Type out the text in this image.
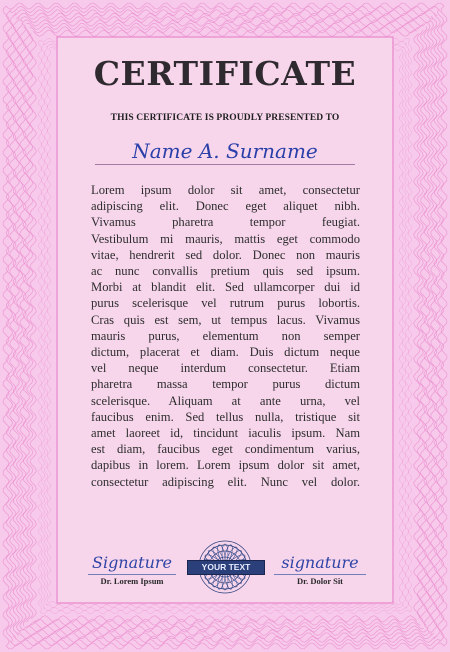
CERTIFICATE
THIS CERTIFICATE IS PROUDLY PRESENTED TO
Name A. Surname
Lorem ipsum dolor sit amet, consectetur
adipiscing elit. Donec eget aliquet nibh.
Vivamus pharetra tempor feugiat.
Vestibulum mi mauris, mattis eget commodo
vitae, hendrerit sed dolor. Donec non mauris
ac nunc convallis pretium quis sed ipsum.
Morbi at blandit elit. Sed ullamcorper dui id
purus scelerisque vel rutrum purus lobortis.
Cras quis est sem, ut tempus lacus. Vivamus
mauris purus, elementum non semper
dictum, placerat et diam. Duis dictum neque
vel neque interdum consectetur. Etiam
pharetra massa tempor purus dictum
scelerisque. Aliquam at ante urna, vel
faucibus enim. Sed tellus nulla, tristique sit
amet laoreet id, tincidunt iaculis ipsum. Nam
est diam, faucibus eget condimentum varius,
dapibus in lorem. Lorem ipsum dolor sit amet,
consectetur adipiscing elit. Nunc vel dolor.
Signature
Dr. Lorem Ipsum
YOUR TEXT	signature
Dr. Dolor Sit
